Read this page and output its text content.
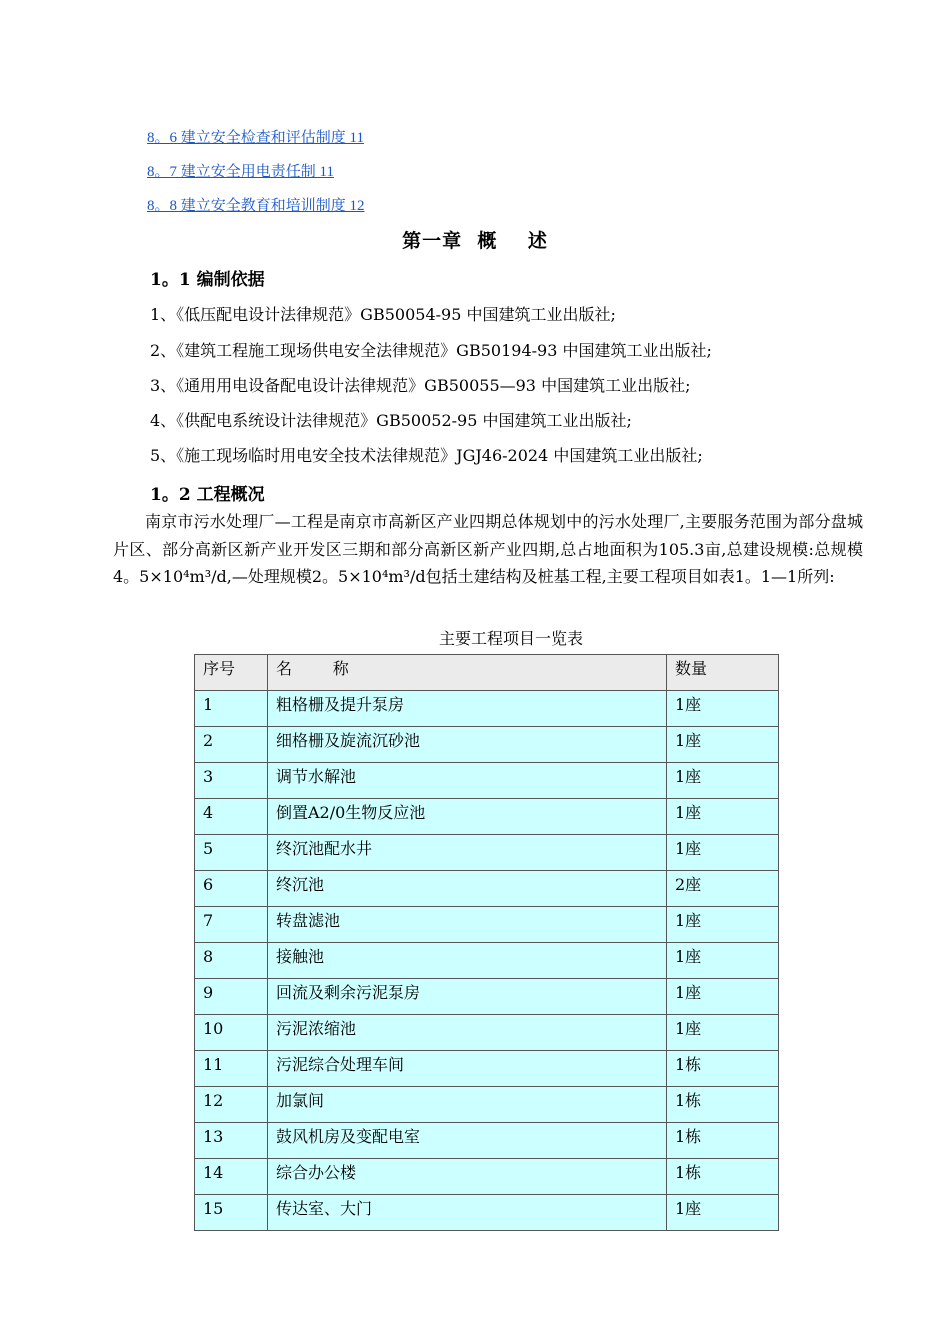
8。6 建立安全检查和评估制度 11
8。7 建立安全用电责任制 11
8。8 建立安全教育和培训制度 12
第一章  概    述
1。1 编制依据
1、《低压配电设计法律规范》GB50054-95 中国建筑工业出版社;
2、《建筑工程施工现场供电安全法律规范》GB50194-93 中国建筑工业出版社;
3、《通用用电设备配电设计法律规范》GB50055—93 中国建筑工业出版社;
4、《供配电系统设计法律规范》GB50052-95 中国建筑工业出版社;
5、《施工现场临时用电安全技术法律规范》JGJ46-2024 中国建筑工业出版社;
1。2 工程概况
南京市污水处理厂—工程是南京市高新区产业四期总体规划中的污水处理厂,主要服务范围为部分盘城片区、部分高新区新产业开发区三期和部分高新区新产业四期,总占地面积为105.3亩,总建设规模:总规模4。5×10⁴m³/d,—处理规模2。5×10⁴m³/d包括土建结构及桩基工程,主要工程项目如表1。1—1所列:
主要工程项目一览表
序号	名        称	数量
1	粗格栅及提升泵房	1座
2	细格栅及旋流沉砂池	1座
3	调节水解池	1座
4	倒置A2/0生物反应池	1座
5	终沉池配水井	1座
6	终沉池	2座
7	转盘滤池	1座
8	接触池	1座
9	回流及剩余污泥泵房	1座
10	污泥浓缩池	1座
11	污泥综合处理车间	1栋
12	加氯间	1栋
13	鼓风机房及变配电室	1栋
14	综合办公楼	1栋
15	传达室、大门	1座
